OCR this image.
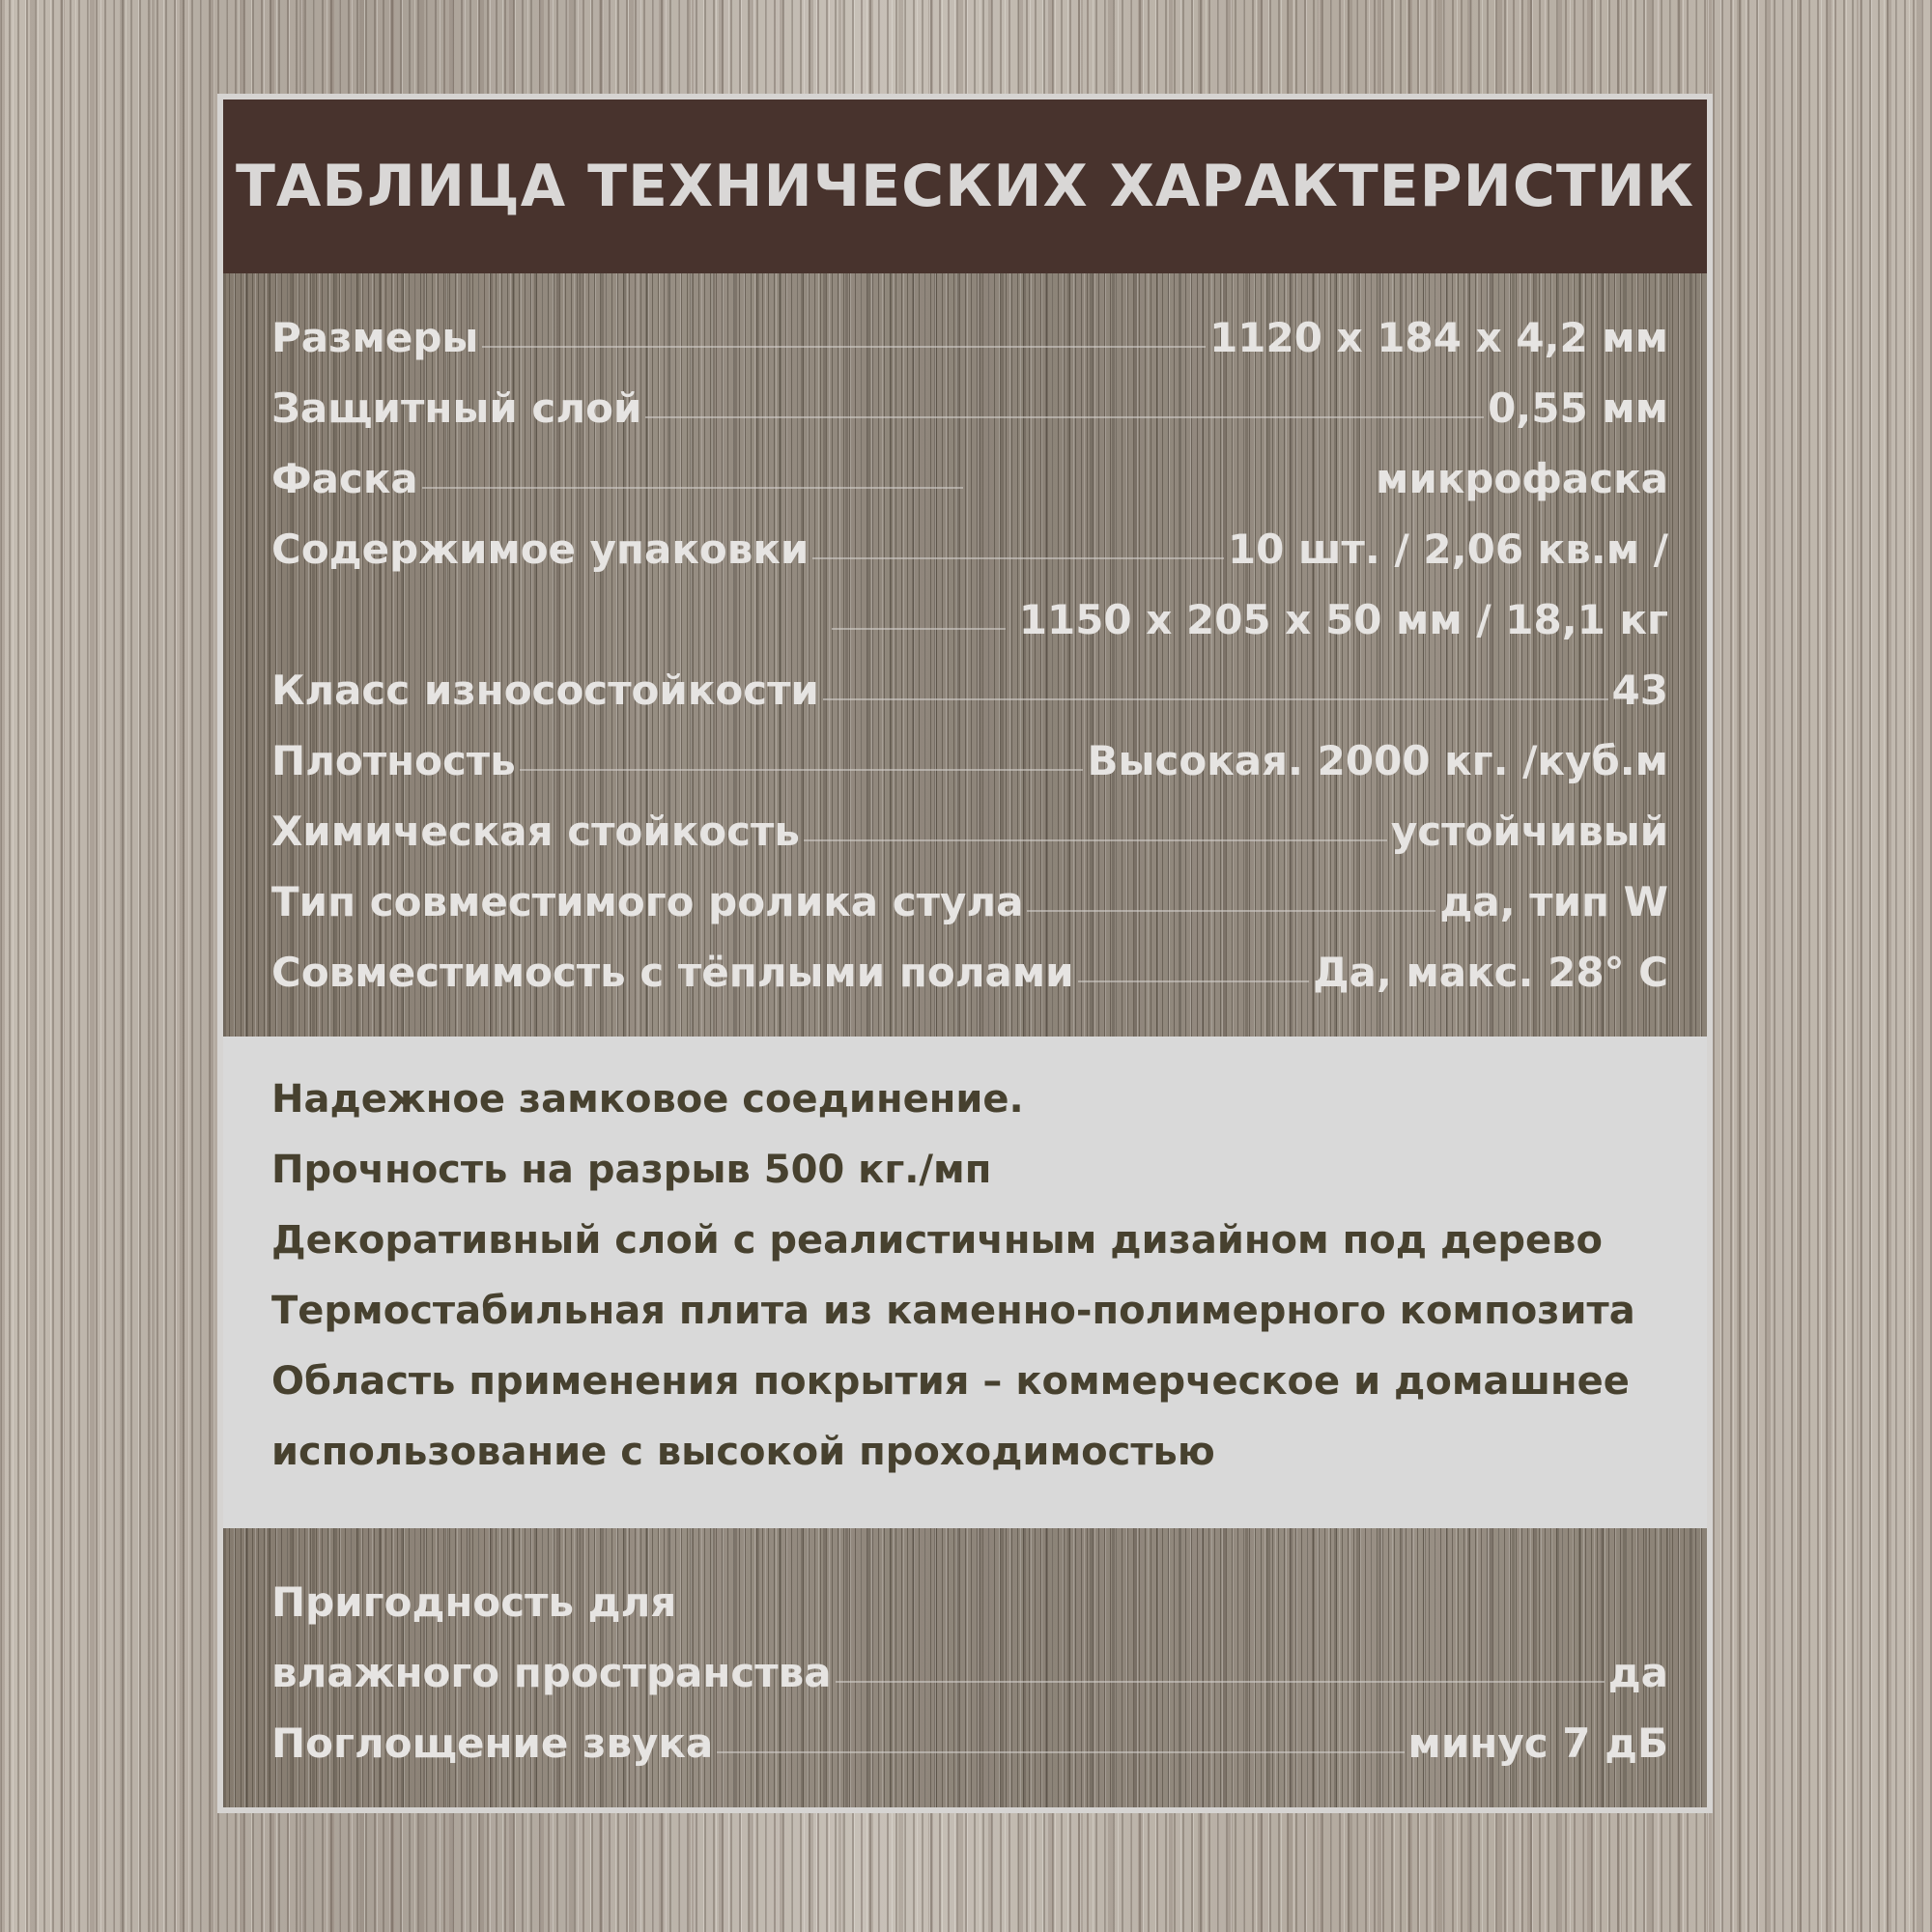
ТАБЛИЦА ТЕХНИЧЕСКИХ ХАРАКТЕРИСТИК
Размеры	1120 x 184 x 4,2 мм
Защитный слой	0,55 мм
Фаска	микрофаска
Содержимое упаковки	10 шт. / 2,06 кв.м /
1150 x 205 x 50 мм / 18,1 кг
Класс износостойкости	43
Плотность	Высокая. 2000 кг. /куб.м
Химическая стойкость	устойчивый
Тип совместимого ролика стула	да, тип W
Совместимость с тёплыми полами	Да, макс. 28° C
Надежное замковое соединение.
Прочность на разрыв 500 кг./мп
Декоративный слой с реалистичным дизайном под дерево
Термостабильная плита из каменно-полимерного композита
Область применения покрытия – коммерческое и домашнее
использование с высокой проходимостью
Пригодность для
влажного пространства	да
Поглощение звука	минус 7 дБ
